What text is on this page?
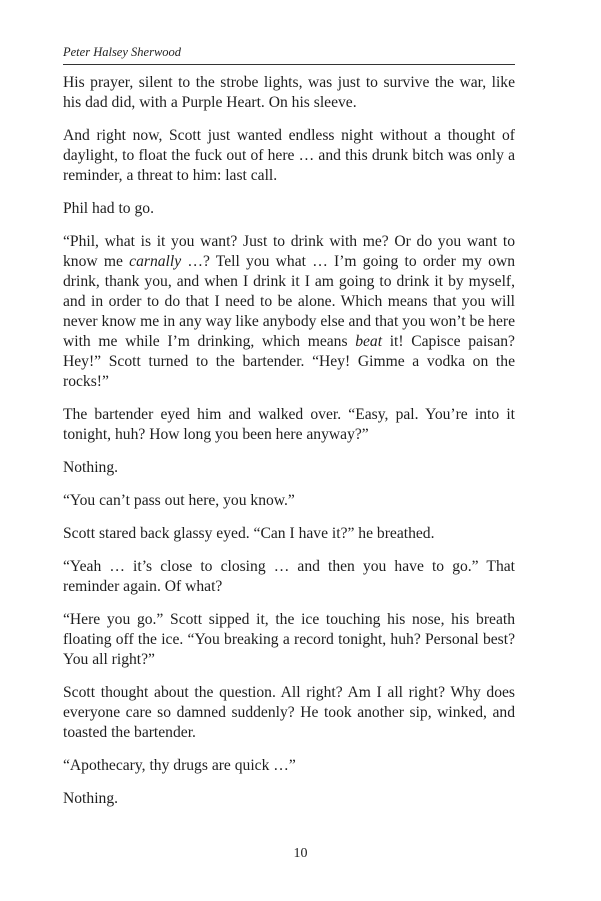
Peter Halsey Sherwood

His prayer, silent to the strobe lights, was just to survive the war, like his dad did, with a Purple Heart. On his sleeve.

And right now, Scott just wanted endless night without a thought of daylight, to float the fuck out of here … and this drunk bitch was only a reminder, a threat to him: last call.

Phil had to go.

“Phil, what is it you want? Just to drink with me? Or do you want to know me carnally …? Tell you what … I’m going to order my own drink, thank you, and when I drink it I am going to drink it by myself, and in order to do that I need to be alone. Which means that you will never know me in any way like anybody else and that you won’t be here with me while I’m drinking, which means beat it! Capisce paisan? Hey!” Scott turned to the bartender. “Hey! Gimme a vodka on the rocks!”

The bartender eyed him and walked over. “Easy, pal. You’re into it tonight, huh? How long you been here anyway?”

Nothing.

“You can’t pass out here, you know.”

Scott stared back glassy eyed. “Can I have it?” he breathed.

“Yeah … it’s close to closing … and then you have to go.” That reminder again. Of what?

“Here you go.” Scott sipped it, the ice touching his nose, his breath floating off the ice. “You breaking a record tonight, huh? Personal best? You all right?”

Scott thought about the question. All right? Am I all right? Why does everyone care so damned suddenly? He took another sip, winked, and toasted the bartender.

“Apothecary, thy drugs are quick …”

Nothing.

10
